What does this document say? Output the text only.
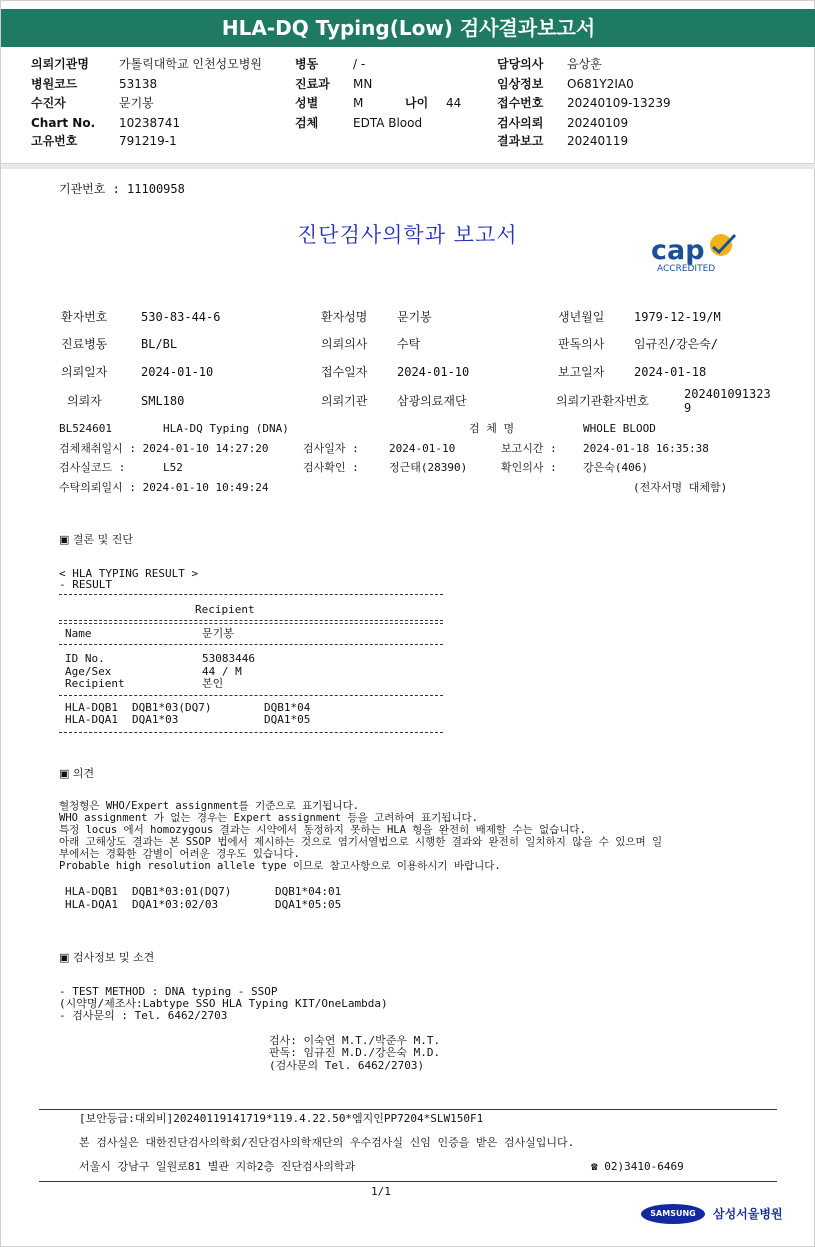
HLA-DQ Typing(Low) 검사결과보고서
의뢰기관명	가톨릭대학교 인천성모병원
병원코드	53138
수진자	문기봉
Chart No. 10238741
고유번호	791219-1
병동	/ -
진료과 MN
성별	M
검체	EDTA Blood
나이 44
담당의사 음상훈
임상정보 O681Y2IA0
접수번호 20240109-13239
검사의뢰 20240109
결과보고 20240119
기관번호 : 11100958
진단검사의학과 보고서	cap
ACCREDITED
환자번호	530-83-44-6	환자성명 문기봉	생년월일 1979-12-19/M
진료병동	BL/BL	의뢰의사 수탁	판독의사 임규진/강은숙/
의뢰일자	2024-01-10	접수일자 2024-01-10	보고일자 2024-01-18
의뢰자	SML180	의뢰기관 삼광의료재단	의뢰기관환자번호	202401091323
9
BL524601	HLA-DQ Typing (DNA)	검 체 명	WHOLE BLOOD
검체채취일시 : 2024-01-10 14:27:20	검사일자 :	2024-01-10	보고시간 : 2024-01-18 16:35:38
검사실코드 :	L52	검사확인 :	정근태(28390)	확인의사 : 강은숙(406)
수탁의뢰일시 : 2024-01-10 10:49:24	(전자서명 대체함)
▣ 결론 및 진단
< HLA TYPING RESULT >
- RESULT
Recipient
Name	문기봉
ID No.	53083446
Age/Sex	44 / M
Recipient	본인
HLA-DQB1 DQB1*03(DQ7)	DQB1*04
HLA-DQA1 DQA1*03	DQA1*05
▣ 의견
혈청형은 WHO/Expert assignment를 기준으로 표기됩니다.
WHO assignment 가 없는 경우는 Expert assignment 등을 고려하여 표기됩니다.
특정 locus 에서 homozygous 결과는 시약에서 동정하지 못하는 HLA 형을 완전히 배제할 수는 없습니다.
아래 고해상도 결과는 본 SSOP 법에서 제시하는 것으로 염기서열법으로 시행한 결과와 완전히 일치하지 않을 수 있으며 일
부에서는 경확한 감별이 어려운 경우도 있습니다.
Probable high resolution allele type 이므로 참고사항으로 이용하시기 바랍니다.
HLA-DQB1 DQB1*03:01(DQ7)	DQB1*04:01
HLA-DQA1 DQA1*03:02/03	DQA1*05:05
▣ 검사정보 및 소견
- TEST METHOD : DNA typing - SSOP
(시약명/제조사:Labtype SSO HLA Typing KIT/OneLambda)
- 검사문의 : Tel. 6462/2703
검사: 이숙연 M.T./박준우 M.T.
판독: 임규진 M.D./강은숙 M.D.
(검사문의 Tel. 6462/2703)
[보안등급:대외비]20240119141719*119.4.22.50*엠지인PP7204*SLW150F1
본 검사실은 대한진단검사의학회/진단검사의학재단의 우수검사실 신임 인증을 받은 검사실입니다.
서울시 강남구 일원로81 별관 지하2층 진단검사의학과	☎ 02)3410-6469
1/1
SAMSUNG	삼성서울병원
